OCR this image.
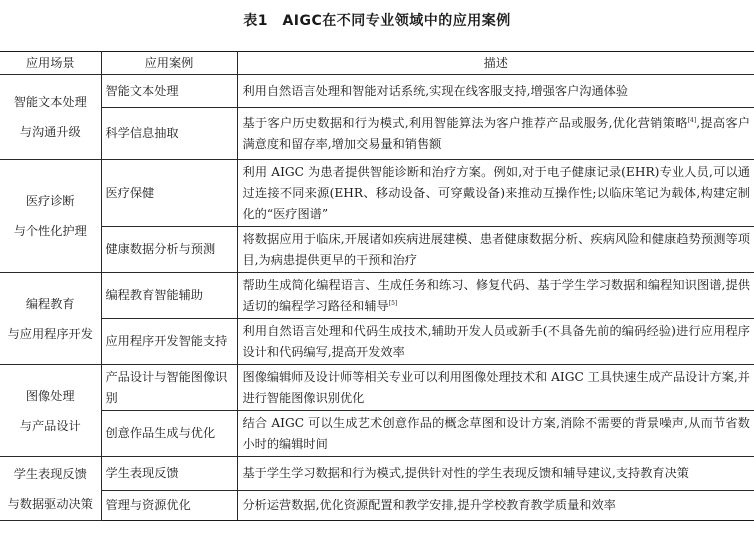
表1　AIGC在不同专业领域中的应用案例
应用场景	应用案例	描述

智能文本处理
与沟通升级	智能文本处理	利用自然语言处理和智能对话系统,实现在线客服支持,增强客户沟通体验
	科学信息抽取	基于客户历史数据和行为模式,利用智能算法为客户推荐产品或服务,优化营销策略[4],提高客户满意度和留存率,增加交易量和销售额

医疗诊断
与个性化护理	医疗保健	利用 AIGC 为患者提供智能诊断和治疗方案。例如,对于电子健康记录(EHR)专业人员,可以通过连接不同来源(EHR、移动设备、可穿戴设备)来推动互操作性;以临床笔记为载体,构建定制化的“医疗图谱”
	健康数据分析与预测	将数据应用于临床,开展诸如疾病进展建模、患者健康数据分析、疾病风险和健康趋势预测等项目,为病患提供更早的干预和治疗

编程教育
与应用程序开发	编程教育智能辅助	帮助生成简化编程语言、生成任务和练习、修复代码、基于学生学习数据和编程知识图谱,提供适切的编程学习路径和辅导[5]
	应用程序开发智能支持	利用自然语言处理和代码生成技术,辅助开发人员或新手(不具备先前的编码经验)进行应用程序设计和代码编写,提高开发效率

图像处理
与产品设计	产品设计与智能图像识别	图像编辑师及设计师等相关专业可以利用图像处理技术和 AIGC 工具快速生成产品设计方案,并进行智能图像识别优化
	创意作品生成与优化	结合 AIGC 可以生成艺术创意作品的概念草图和设计方案,消除不需要的背景噪声,从而节省数小时的编辑时间

学生表现反馈
与数据驱动决策	学生表现反馈	基于学生学习数据和行为模式,提供针对性的学生表现反馈和辅导建议,支持教育决策
	管理与资源优化	分析运营数据,优化资源配置和教学安排,提升学校教育教学质量和效率
